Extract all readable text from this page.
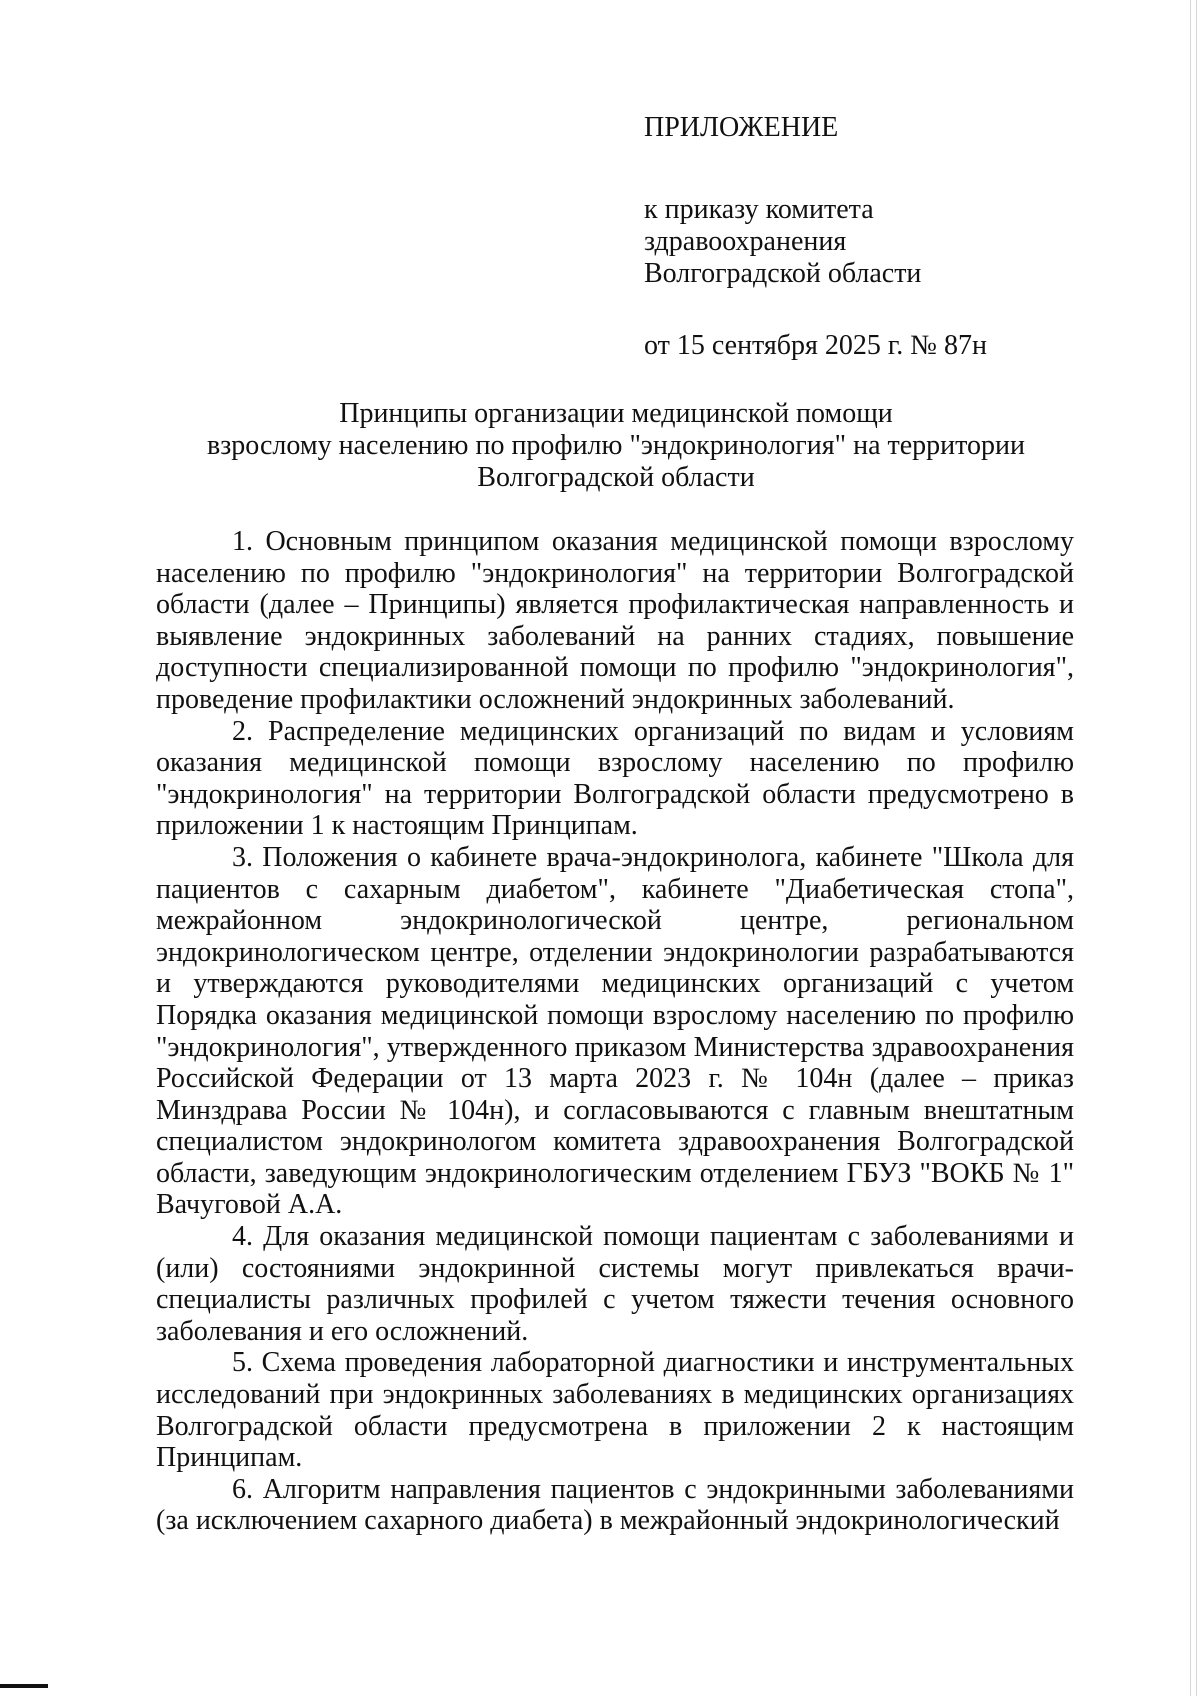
ПРИЛОЖЕНИЕ

к приказу комитета
здравоохранения
Волгоградской области

от 15 сентября 2025 г. № 87н

Принципы организации медицинской помощи
взрослому населению по профилю "эндокринология" на территории
Волгоградской области

1. Основным принципом оказания медицинской помощи взрослому населению по профилю "эндокринология" на территории Волгоградской области (далее – Принципы) является профилактическая направленность и выявление эндокринных заболеваний на ранних стадиях, повышение доступности специализированной помощи по профилю "эндокринология", проведение профилактики осложнений эндокринных заболеваний.

2. Распределение медицинских организаций по видам и условиям оказания медицинской помощи взрослому населению по профилю "эндокринология" на территории Волгоградской области предусмотрено в приложении 1 к настоящим Принципам.

3. Положения о кабинете врача-эндокринолога, кабинете "Школа для пациентов с сахарным диабетом", кабинете "Диабетическая стопа", межрайонном эндокринологической центре, региональном эндокринологическом центре, отделении эндокринологии разрабатываются и утверждаются руководителями медицинских организаций с учетом Порядка оказания медицинской помощи взрослому населению по профилю "эндокринология", утвержденного приказом Министерства здравоохранения Российской Федерации от 13 марта 2023 г. № 104н (далее – приказ Минздрава России № 104н), и согласовываются с главным внештатным специалистом эндокринологом комитета здравоохранения Волгоградской области, заведующим эндокринологическим отделением ГБУЗ "ВОКБ № 1" Вачуговой А.А.

4. Для оказания медицинской помощи пациентам с заболеваниями и (или) состояниями эндокринной системы могут привлекаться врачи-специалисты различных профилей с учетом тяжести течения основного заболевания и его осложнений.

5. Схема проведения лабораторной диагностики и инструментальных исследований при эндокринных заболеваниях в медицинских организациях Волгоградской области предусмотрена в приложении 2 к настоящим Принципам.

6. Алгоритм направления пациентов с эндокринными заболеваниями (за исключением сахарного диабета) в межрайонный эндокринологический
